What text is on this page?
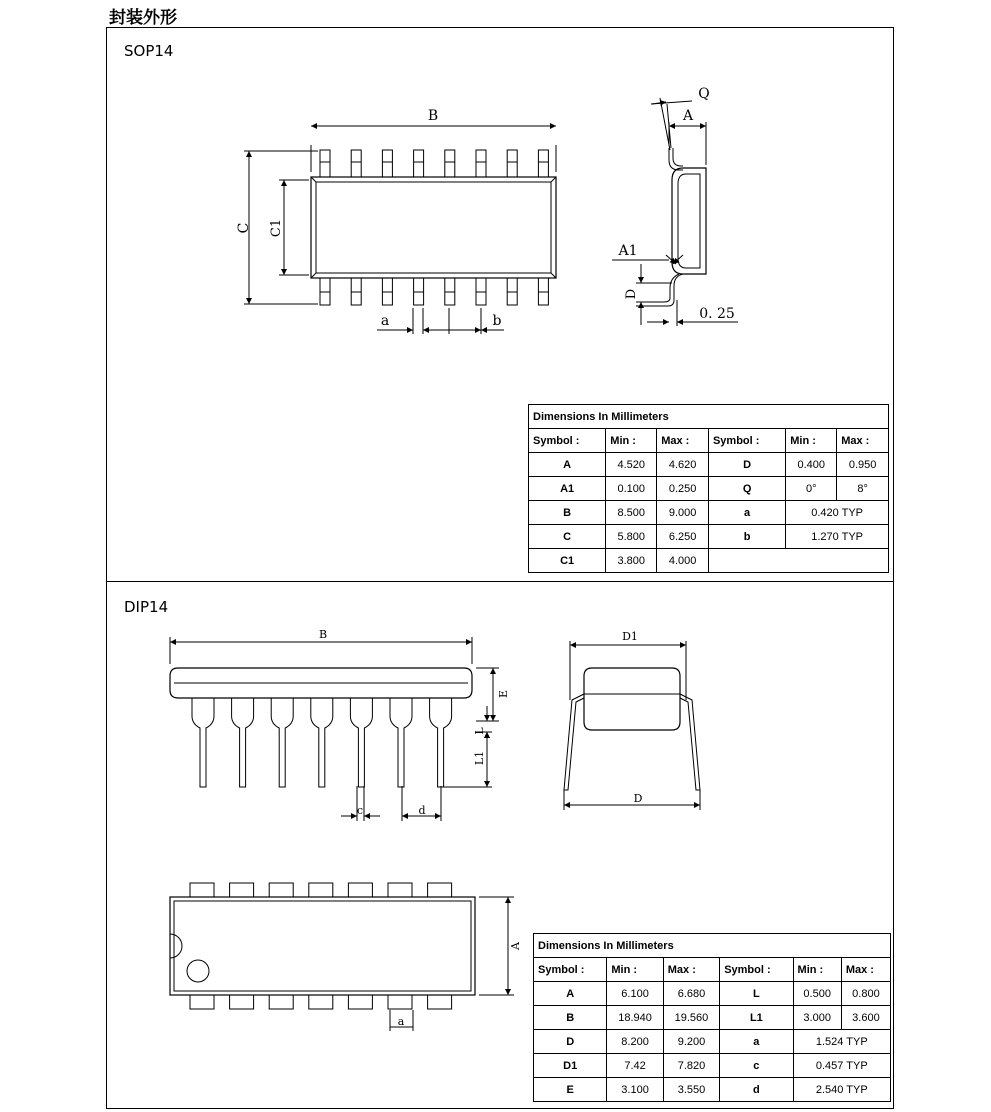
封装外形
SOP14
DIP14
B
C C1
a	b
Q
A
A1
D
0. 25
B
E
L
L1
c	d
D1
D
A
a
Dimensions In Millimeters					
Symbol :	Min :	Max :	Symbol :	Min :	Max :
A	4.520	4.620	D	0.400	0.950
A1	0.100	0.250	Q	0°	8°
B	8.500	9.000	a	0.420 TYP	
C	5.800	6.250	b	1.270 TYP	
C1	3.800	4.000			
Dimensions In Millimeters					
Symbol :	Min :	Max :	Symbol :	Min :	Max :
A	6.100	6.680	L	0.500	0.800
B	18.940	19.560	L1	3.000	3.600
D	8.200	9.200	a	1.524 TYP	
D1	7.42	7.820	c	0.457 TYP	
E	3.100	3.550	d	2.540 TYP	
